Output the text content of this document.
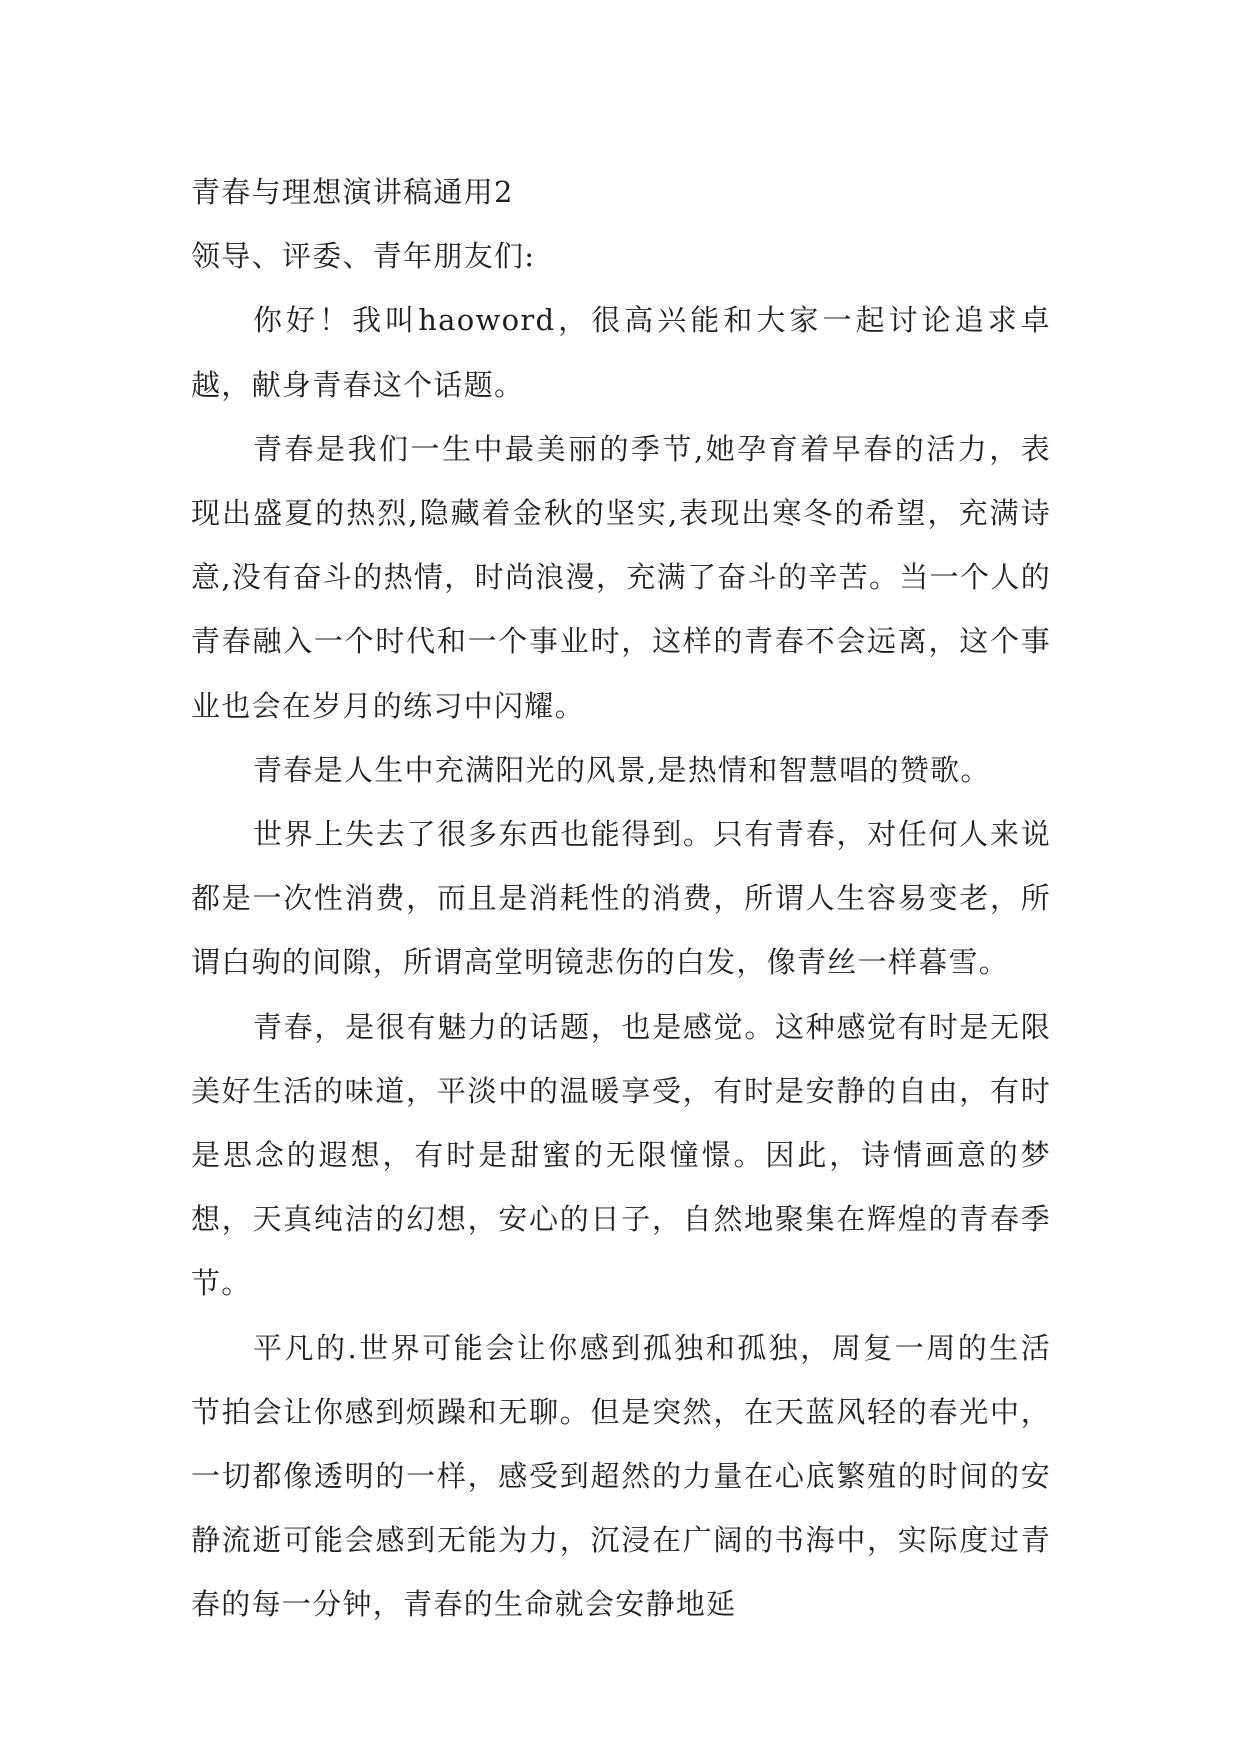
青春与理想演讲稿通用2

领导、评委、青年朋友们:

你好！我叫haoword，很高兴能和大家一起讨论追求卓越，献身青春这个话题。

青春是我们一生中最美丽的季节,她孕育着早春的活力，表现出盛夏的热烈,隐藏着金秋的坚实,表现出寒冬的希望，充满诗意,没有奋斗的热情，时尚浪漫，充满了奋斗的辛苦。当一个人的青春融入一个时代和一个事业时，这样的青春不会远离，这个事业也会在岁月的练习中闪耀。

青春是人生中充满阳光的风景,是热情和智慧唱的赞歌。

世界上失去了很多东西也能得到。只有青春，对任何人来说都是一次性消费，而且是消耗性的消费，所谓人生容易变老，所谓白驹的间隙，所谓高堂明镜悲伤的白发，像青丝一样暮雪。

青春，是很有魅力的话题，也是感觉。这种感觉有时是无限美好生活的味道，平淡中的温暖享受，有时是安静的自由，有时是思念的遐想，有时是甜蜜的无限憧憬。因此，诗情画意的梦想，天真纯洁的幻想，安心的日子，自然地聚集在辉煌的青春季节。

平凡的.世界可能会让你感到孤独和孤独，周复一周的生活节拍会让你感到烦躁和无聊。但是突然，在天蓝风轻的春光中，一切都像透明的一样，感受到超然的力量在心底繁殖的时间的安静流逝可能会感到无能为力，沉浸在广阔的书海中，实际度过青春的每一分钟，青春的生命就会安静地延
